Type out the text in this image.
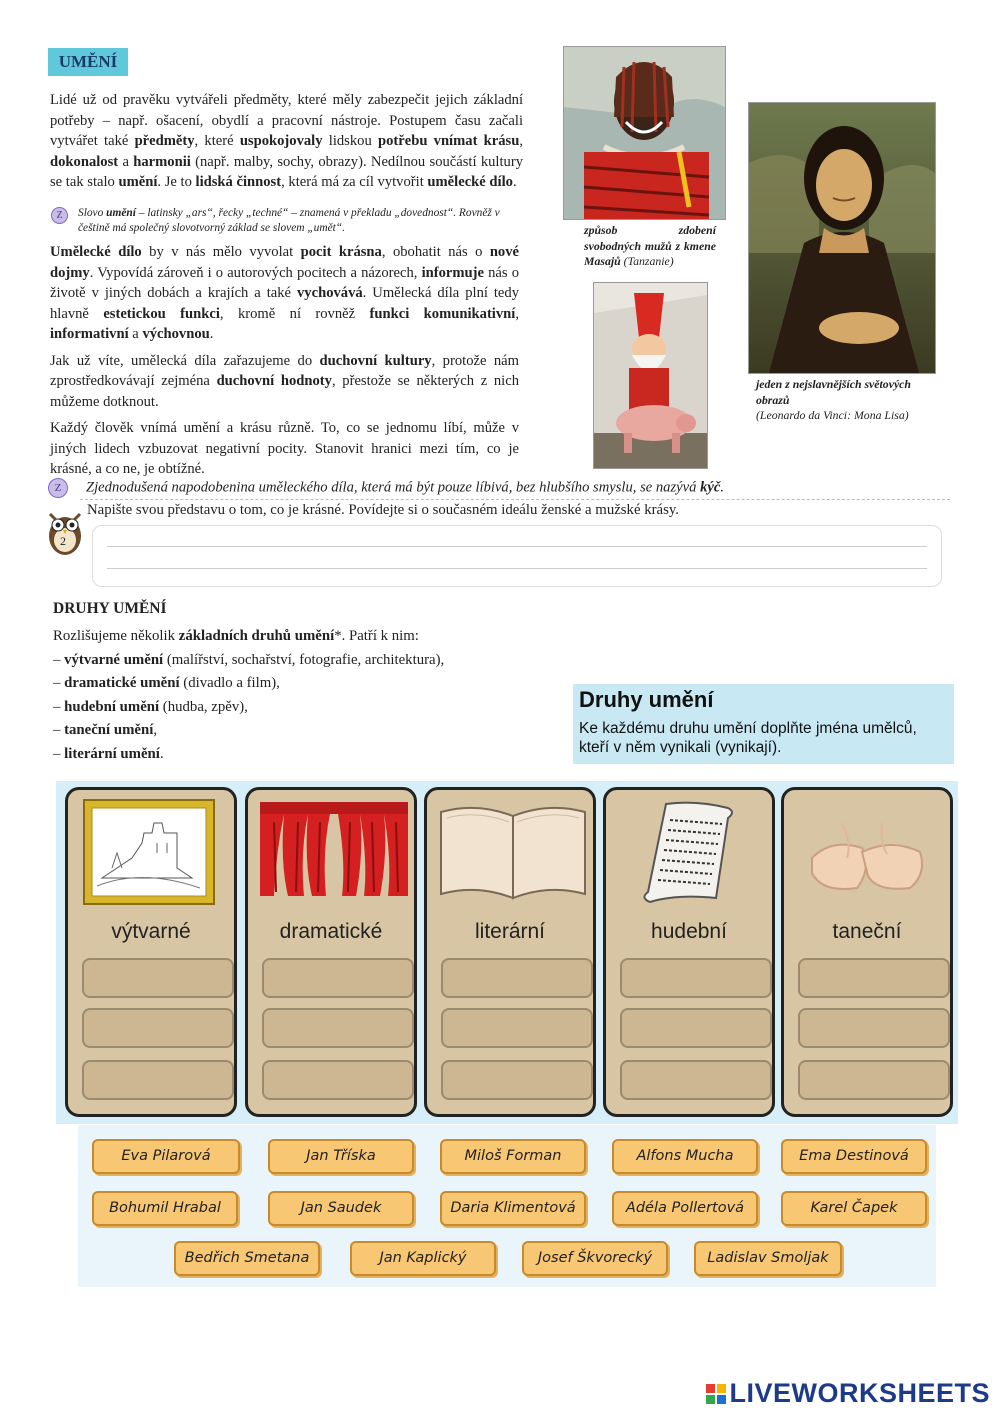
UMĚNÍ

Lidé už od pravěku vytvářeli předměty, které měly zabezpečit jejich základní potřeby – např. ošacení, obydlí a pracovní nástroje. Postupem času začali vytvářet také předměty, které uspokojovaly lidskou potřebu vnímat krásu, dokonalost a harmonii (např. malby, sochy, obrazy). Nedílnou součástí kultury se tak stalo umění. Je to lidská činnost, která má za cíl vytvořit umělecké dílo.

Z	Slovo umění – latinsky „ars“, řecky „techné“ – znamená v překladu „dovednost“. Rovněž v češtině má společný slovotvorný základ se slovem „umět“.

Umělecké dílo by v nás mělo vyvolat pocit krásna, obohatit nás o nové dojmy. Vypovídá zároveň i o autorových pocitech a názorech, informuje nás o životě v jiných dobách a krajích a také vychovává. Umělecká díla plní tedy hlavně estetickou funkci, kromě ní rovněž funkci komunikativní, informativní a výchovnou.

Jak už víte, umělecká díla zařazujeme do duchovní kultury, protože nám zprostředkovávají zejména duchovní hodnoty, přestože se některých z nich můžeme dotknout.

Každý člověk vnímá umění a krásu různě. To, co se jednomu líbí, může v jiných lidech vzbuzovat negativní pocity. Stanovit hranici mezi tím, co je krásné, a co ne, je obtížné.

způsob zdobení svobodných mužů z kmene Masajů (Tanzanie)
jeden z nejslavnějších světových obrazů
(Leonardo da Vinci: Mona Lisa)
Z Zjednodušená napodobenina uměleckého díla, která má být pouze líbivá, bez hlubšího smyslu, se nazývá kýč.
2
Napište svou představu o tom, co je krásné. Povídejte si o současném ideálu ženské a mužské krásy.
DRUHY UMĚNÍ
Rozlišujeme několik základních druhů umění*. Patří k nim:
– výtvarné umění (malířství, sochařství, fotografie, architektura),
– dramatické umění (divadlo a film),
– hudební umění (hudba, zpěv),
– taneční umění,
– literární umění.
Druhy umění
Ke každému druhu umění doplňte jména umělců, kteří v něm vynikali (vynikají).
výtvarné	dramatické	literární	hudební	taneční
Eva Pilarová	Jan Tříska	Miloš Forman	Alfons Mucha	Ema Destinová
Bohumil Hrabal	Jan Saudek	Daria Klimentová	Adéla Pollertová	Karel Čapek
Bedřich Smetana	Jan Kaplický	Josef Škvorecký	Ladislav Smoljak
LIVEWORKSHEETS
